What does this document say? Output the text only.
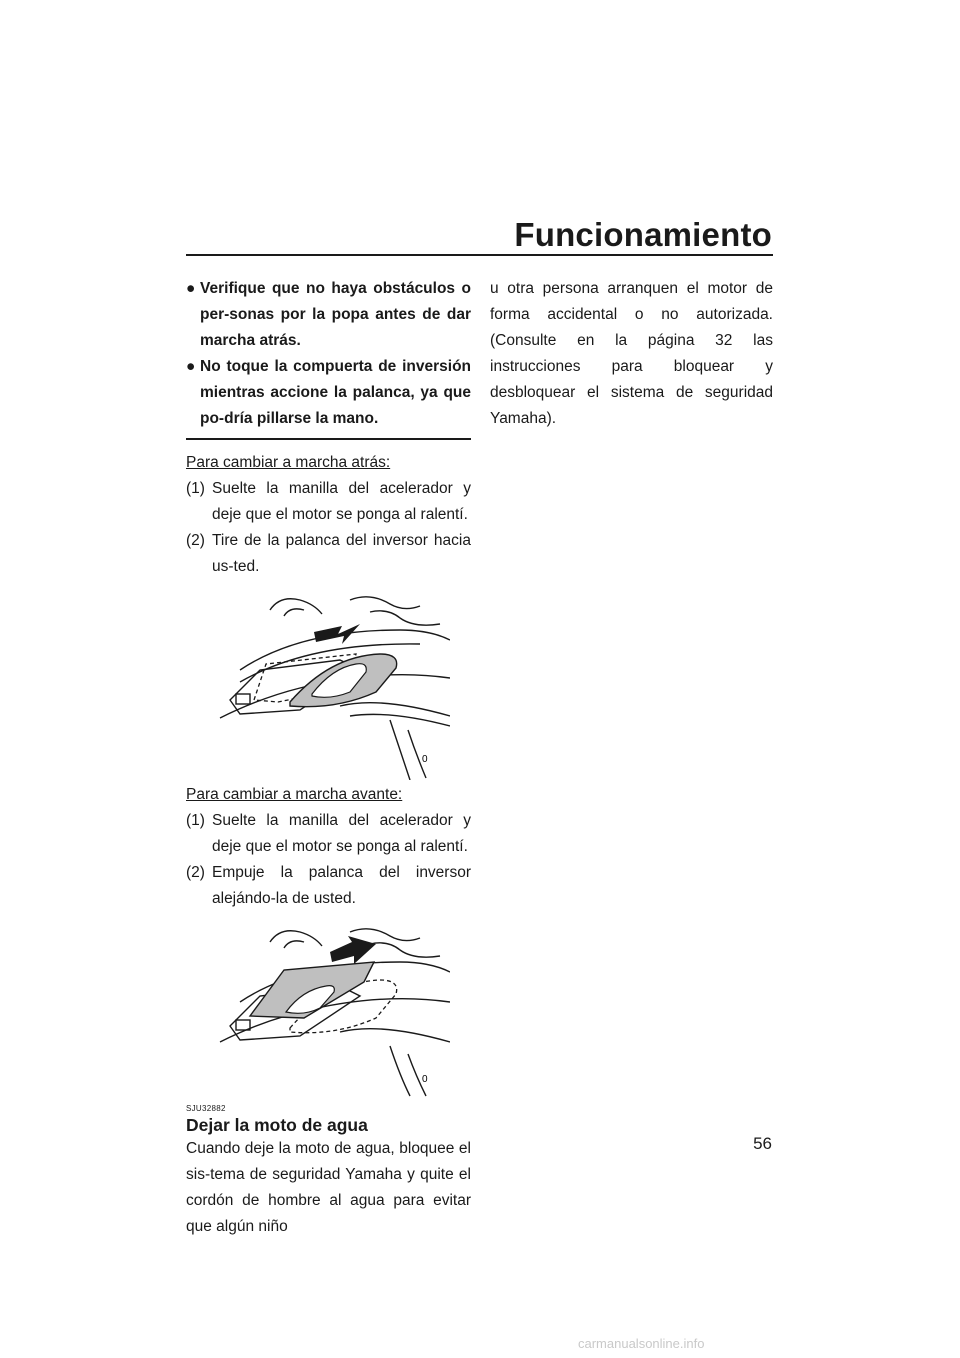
Funcionamiento
● Verifique que no haya obstáculos o per-sonas por la popa antes de dar marcha atrás.
● No toque la compuerta de inversión mientras accione la palanca, ya que po-dría pillarse la mano.
Para cambiar a marcha atrás:
(1) Suelte la manilla del acelerador y deje que el motor se ponga al ralentí.
(2) Tire de la palanca del inversor hacia us-ted.
0
Para cambiar a marcha avante:
(1) Suelte la manilla del acelerador y deje que el motor se ponga al ralentí.
(2) Empuje la palanca del inversor alejándo-la de usted.
0
SJU32882
Dejar la moto de agua
Cuando deje la moto de agua, bloquee el sis-tema de seguridad Yamaha y quite el cordón de hombre al agua para evitar que algún niño
u otra persona arranquen el motor de forma accidental o no autorizada. (Consulte en la página 32 las instrucciones para bloquear y desbloquear el sistema de seguridad Yamaha).
56
carmanualsonline.info
